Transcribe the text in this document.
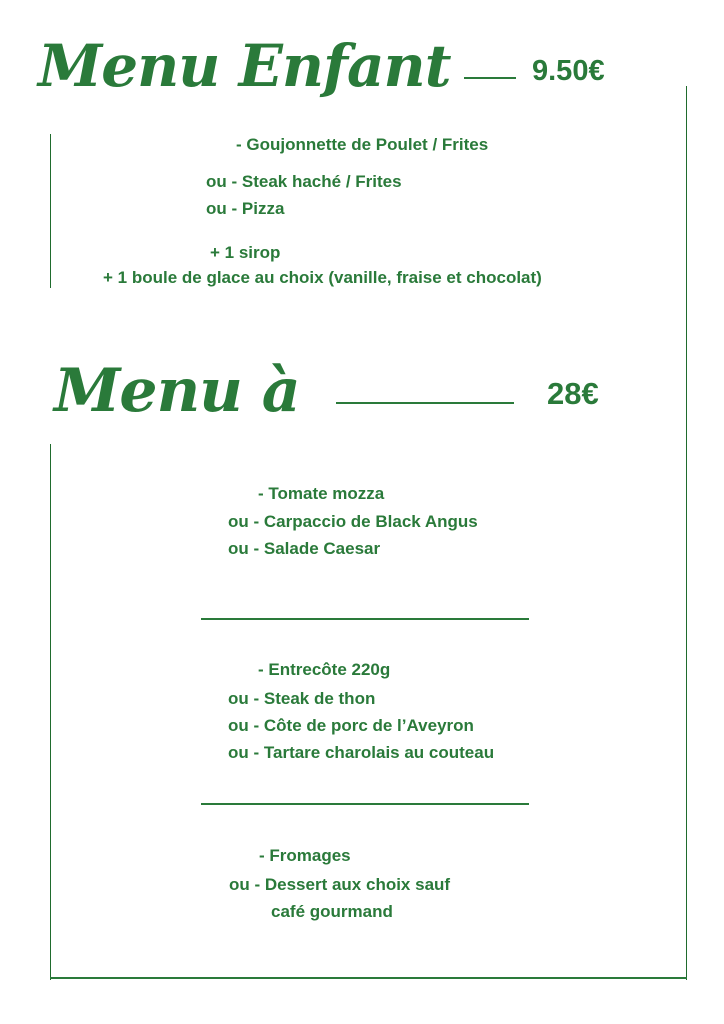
Menu Enfant	9.50€
- Goujonnette de Poulet / Frites
ou - Steak haché / Frites
ou - Pizza
+ 1 sirop
+ 1 boule de glace au choix (vanille, fraise et chocolat)
Menu à	28€
- Tomate mozza
ou - Carpaccio de Black Angus
ou - Salade Caesar
- Entrecôte 220g
ou - Steak de thon
ou - Côte de porc de l’Aveyron
ou - Tartare charolais au couteau
- Fromages
ou - Dessert aux choix sauf
café gourmand
